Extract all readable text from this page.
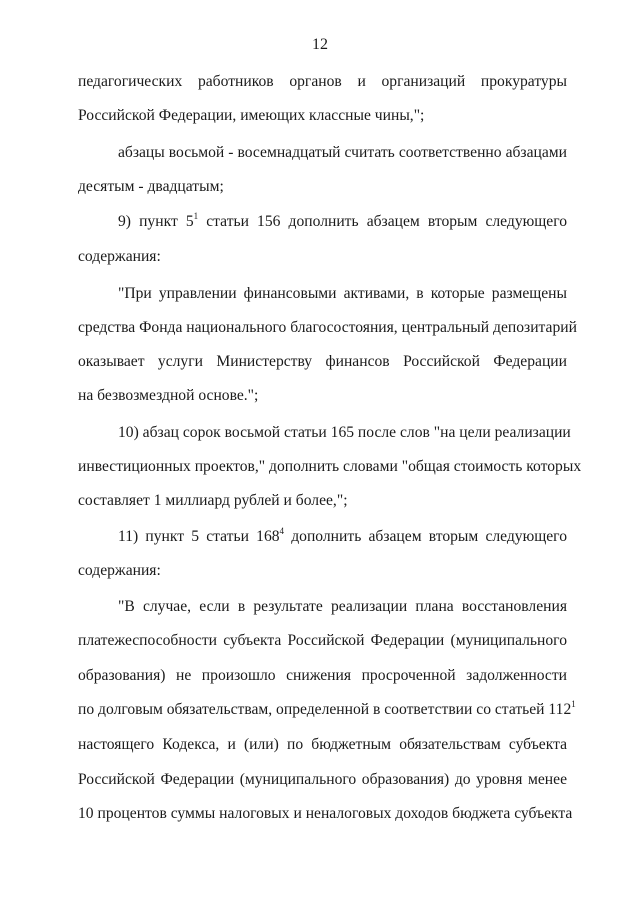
12
педагогических работников органов и организаций прокуратуры
Российской Федерации, имеющих классные чины,";
абзацы восьмой - восемнадцатый считать соответственно абзацами
десятым - двадцатым;
9) пункт $5^1$ статьи 156 дополнить абзацем вторым следующего
содержания:
"При управлении финансовыми активами, в которые размещены
средства Фонда национального благосостояния, центральный депозитарий
оказывает услуги Министерству финансов Российской Федерации
на безвозмездной основе.";
10) абзац сорок восьмой статьи 165 после слов "на цели реализации
инвестиционных проектов," дополнить словами "общая стоимость которых
составляет 1 миллиард рублей и более,";
11) пункт 5 статьи $168^4$ дополнить абзацем вторым следующего
содержания:
"В случае, если в результате реализации плана восстановления
платежеспособности субъекта Российской Федерации (муниципального
образования) не произошло снижения просроченной задолженности
по долговым обязательствам, определенной в соответствии со статьей $112^1$
настоящего Кодекса, и (или) по бюджетным обязательствам субъекта
Российской Федерации (муниципального образования) до уровня менее
10 процентов суммы налоговых и неналоговых доходов бюджета субъекта
